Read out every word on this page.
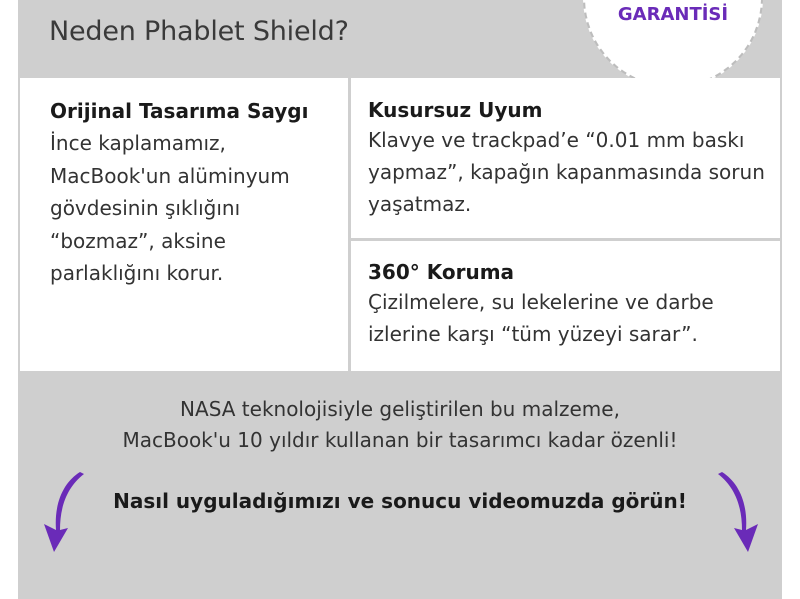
Neden Phablet Shield?
GARANTİSİ

Orijinal Tasarıma Saygı

İnce kaplamamız, MacBook'un alüminyum gövdesinin şıklığını “bozmaz”, aksine parlaklığını korur.

Kusursuz Uyum

Klavye ve trackpad’e “0.01 mm baskı yapmaz”, kapağın kapanmasında sorun yaşatmaz.

360° Koruma

Çizilmelere, su lekelerine ve darbe izlerine karşı “tüm yüzeyi sarar”.

NASA teknolojisiyle geliştirilen bu malzeme,
MacBook'u 10 yıldır kullanan bir tasarımcı kadar özenli!
Nasıl uyguladığımızı ve sonucu videomuzda görün!
